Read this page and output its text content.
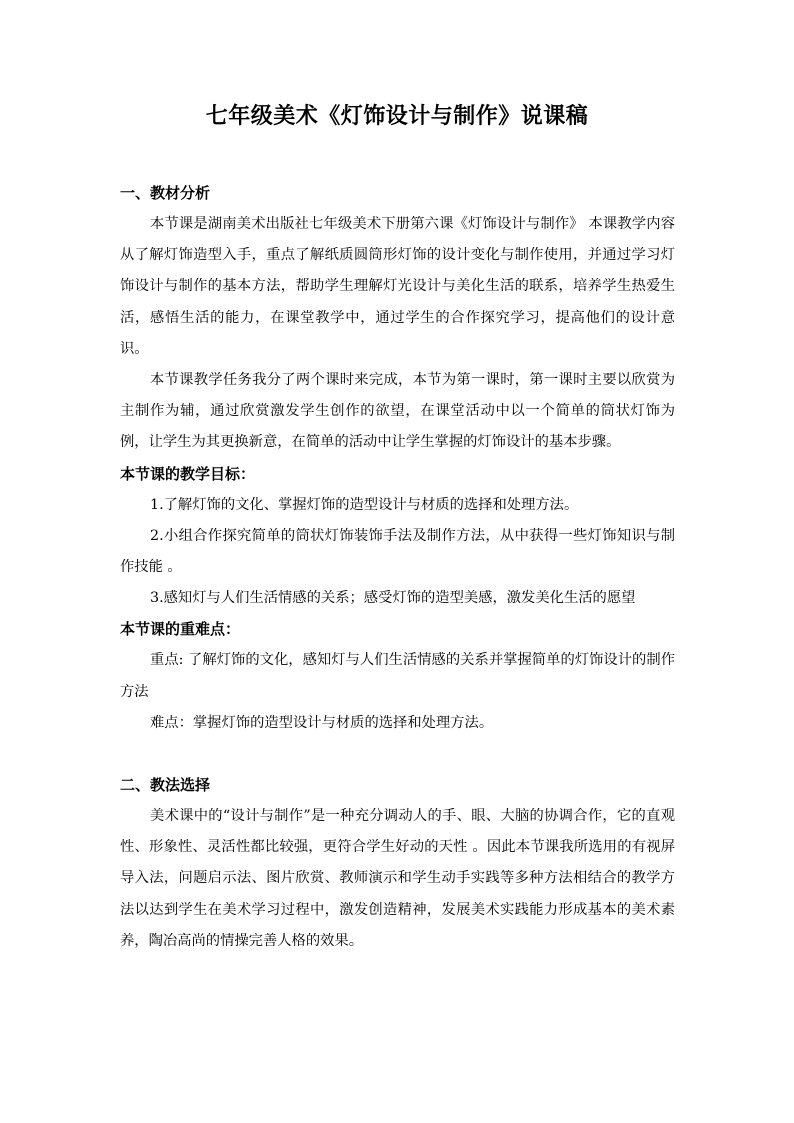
七年级美术《灯饰设计与制作》说课稿
一、教材分析

本节课是湖南美术出版社七年级美术下册第六课《灯饰设计与制作》 本课教学内容从了解灯饰造型入手，重点了解纸质圆筒形灯饰的设计变化与制作使用，并通过学习灯饰设计与制作的基本方法，帮助学生理解灯光设计与美化生活的联系，培养学生热爱生活，感悟生活的能力，在课堂教学中，通过学生的合作探究学习，提高他们的设计意识。

本节课教学任务我分了两个课时来完成，本节为第一课时，第一课时主要以欣赏为主制作为辅，通过欣赏激发学生创作的欲望，在课堂活动中以一个简单的筒状灯饰为例，让学生为其更换新意，在简单的活动中让学生掌握的灯饰设计的基本步骤。

本节课的教学目标：

1.了解灯饰的文化、掌握灯饰的造型设计与材质的选择和处理方法。

2.小组合作探究简单的筒状灯饰装饰手法及制作方法，从中获得一些灯饰知识与制作技能 。

3.感知灯与人们生活情感的关系；感受灯饰的造型美感，激发美化生活的愿望

本节课的重难点：

重点: 了解灯饰的文化，感知灯与人们生活情感的关系并掌握简单的灯饰设计的制作方法

难点：掌握灯饰的造型设计与材质的选择和处理方法。

二、教法选择

美术课中的“设计与制作”是一种充分调动人的手、眼、大脑的协调合作，它的直观性、形象性、灵活性都比较强，更符合学生好动的天性 。因此本节课我所选用的有视屏导入法，问题启示法、图片欣赏、教师演示和学生动手实践等多种方法相结合的教学方法以达到学生在美术学习过程中，激发创造精神，发展美术实践能力形成基本的美术素养，陶冶高尚的情操完善人格的效果。
